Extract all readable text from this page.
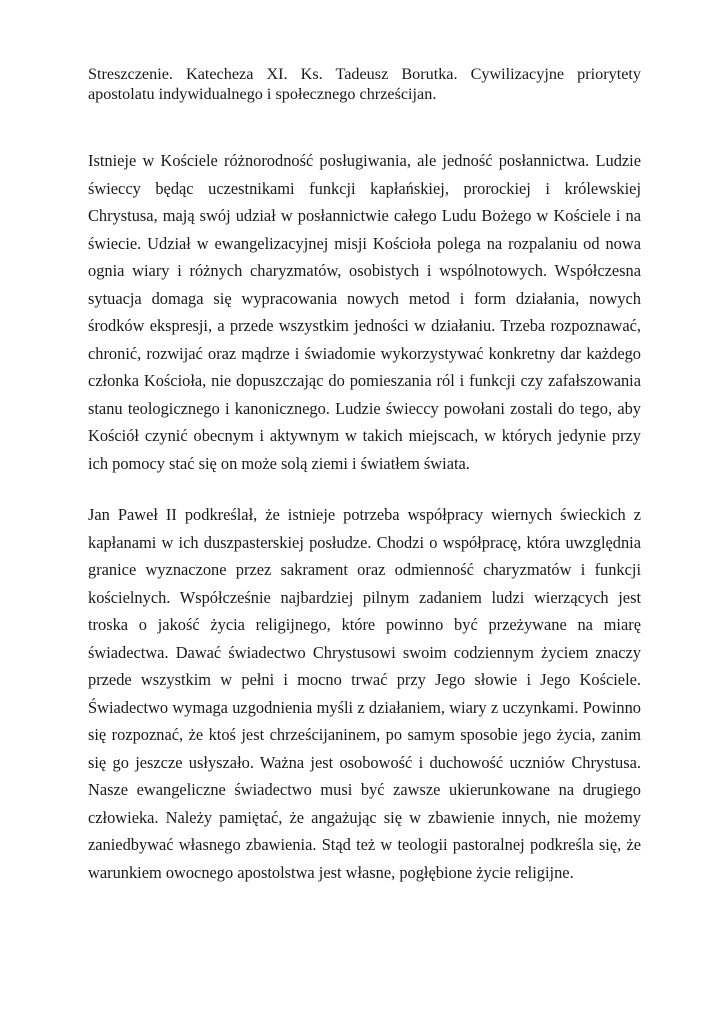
Streszczenie. Katecheza XI. Ks. Tadeusz Borutka. Cywilizacyjne priorytety apostolatu indywidualnego i społecznego chrześcijan.

Istnieje w Kościele różnorodność posługiwania, ale jedność posłannictwa. Ludzie świeccy będąc uczestnikami funkcji kapłańskiej, prorockiej i królewskiej Chrystusa, mają swój udział w posłannictwie całego Ludu Bożego w Kościele i na świecie. Udział w ewangelizacyjnej misji Kościoła polega na rozpalaniu od nowa ognia wiary i różnych charyzmatów, osobistych i wspólnotowych. Współczesna sytuacja domaga się wypracowania nowych metod i form działania, nowych środków ekspresji, a przede wszystkim jedności w działaniu. Trzeba rozpoznawać, chronić, rozwijać oraz mądrze i świadomie wykorzystywać konkretny dar każdego członka Kościoła, nie dopuszczając do pomieszania ról i funkcji czy zafałszowania stanu teologicznego i kanonicznego. Ludzie świeccy powołani zostali do tego, aby Kościół czynić obecnym i aktywnym w takich miejscach, w których jedynie przy ich pomocy stać się on może solą ziemi i światłem świata.

Jan Paweł II podkreślał, że istnieje potrzeba współpracy wiernych świeckich z kapłanami w ich duszpasterskiej posłudze. Chodzi o współpracę, która uwzględnia granice wyznaczone przez sakrament oraz odmienność charyzmatów i funkcji kościelnych. Współcześnie najbardziej pilnym zadaniem ludzi wierzących jest troska o jakość życia religijnego, które powinno być przeżywane na miarę świadectwa. Dawać świadectwo Chrystusowi swoim codziennym życiem znaczy przede wszystkim w pełni i mocno trwać przy Jego słowie i Jego Kościele. Świadectwo wymaga uzgodnienia myśli z działaniem, wiary z uczynkami. Powinno się rozpoznać, że ktoś jest chrześcijaninem, po samym sposobie jego życia, zanim się go jeszcze usłyszało. Ważna jest osobowość i duchowość uczniów Chrystusa. Nasze ewangeliczne świadectwo musi być zawsze ukierunkowane na drugiego człowieka. Należy pamiętać, że angażując się w zbawienie innych, nie możemy zaniedbywać własnego zbawienia. Stąd też w teologii pastoralnej podkreśla się, że warunkiem owocnego apostolstwa jest własne, pogłębione życie religijne.
